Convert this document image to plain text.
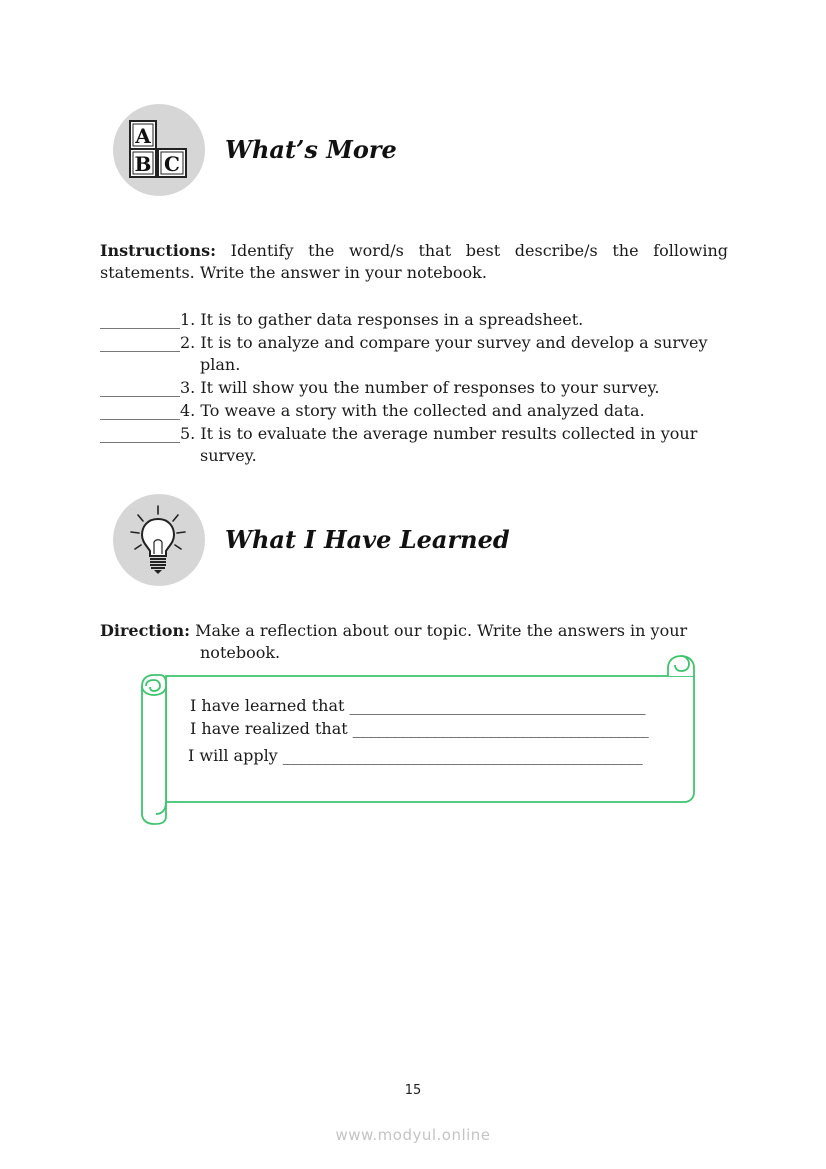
A
B C What’s More
Instructions: Identify the word/s that best describe/s the following statements. Write the answer in your notebook.
__________1. It is to gather data responses in a spreadsheet.
__________2. It is to analyze and compare your survey and develop a survey plan.
__________3. It will show you the number of responses to your survey.
__________4. To weave a story with the collected and analyzed data.
__________5. It is to evaluate the average number results collected in your survey.
What I Have Learned
Direction: Make a reflection about our topic. Write the answers in your notebook.
I have learned that _____________________________________
I have realized that _____________________________________
I will apply _____________________________________________
15
www.modyul.online
